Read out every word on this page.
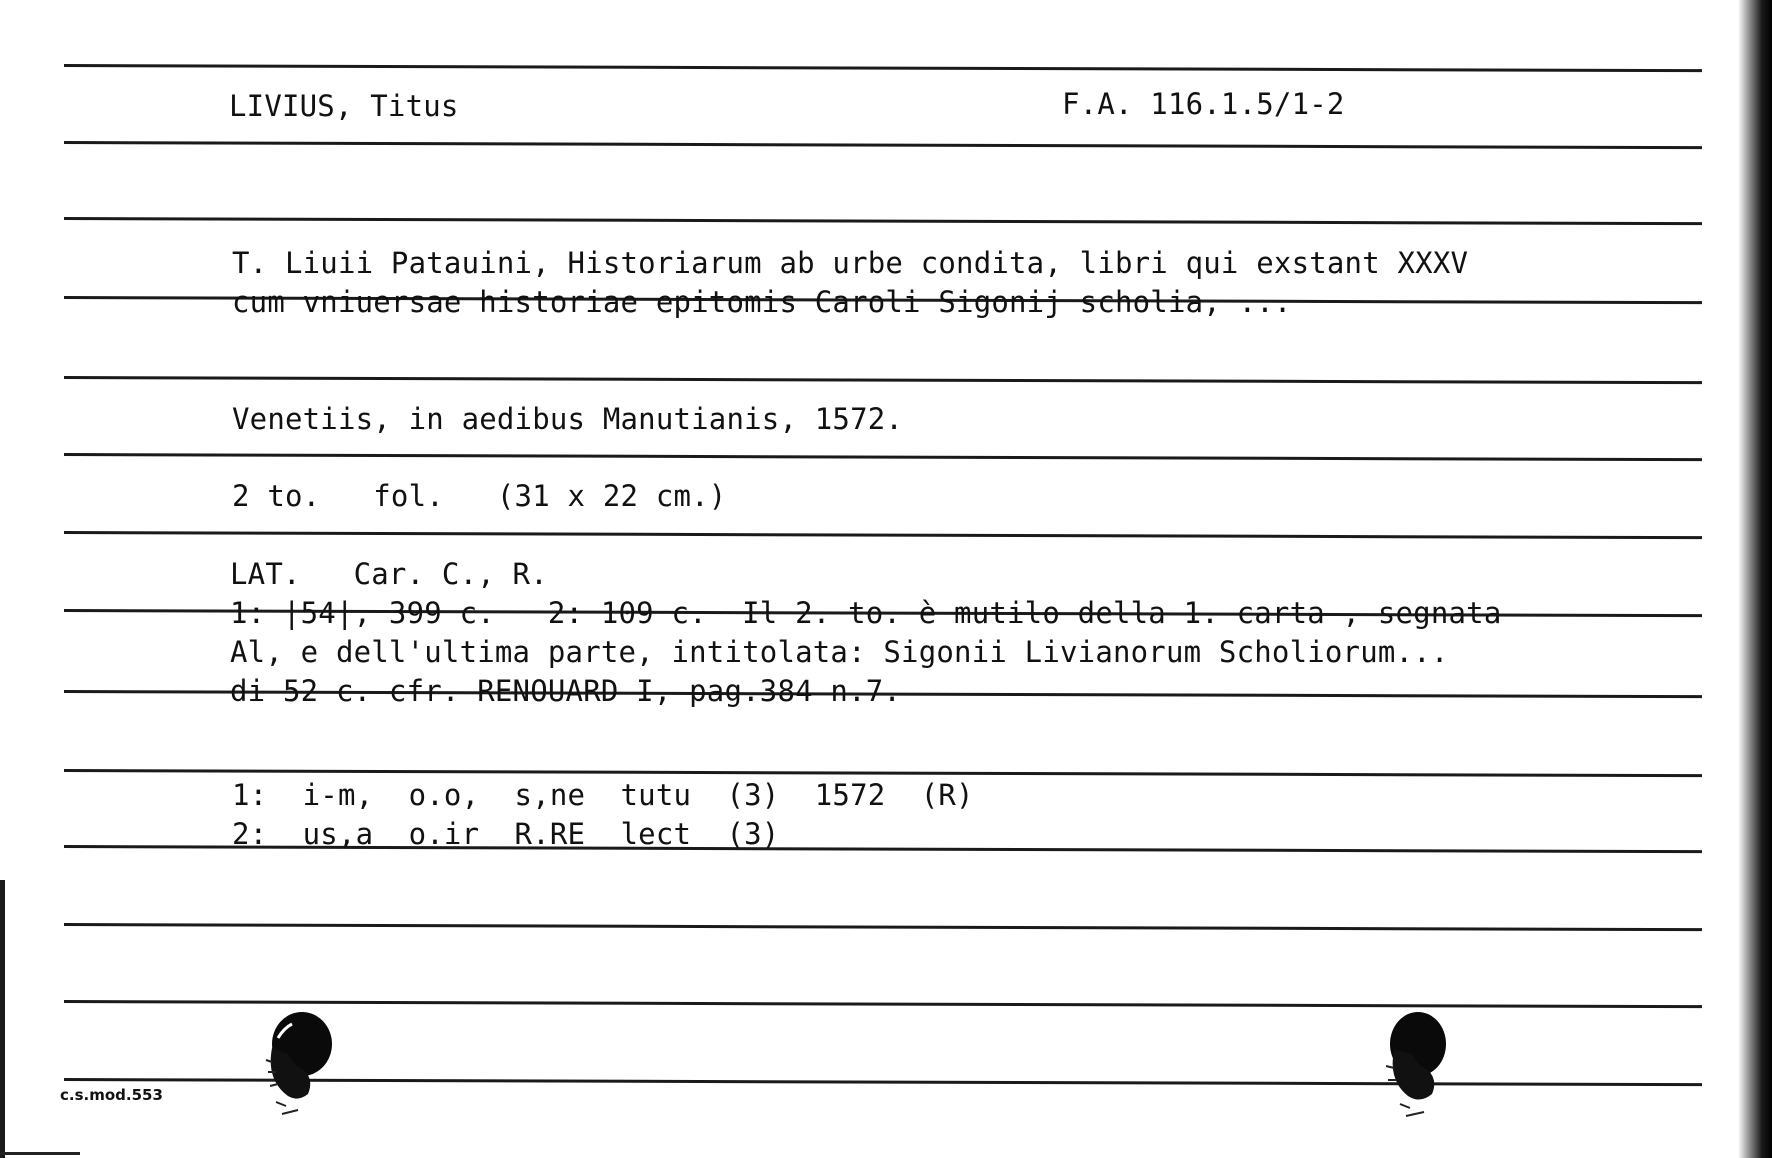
LIVIUS, Titus	F.A. 116.1.5/1-2
T. Liuii Patauini, Historiarum ab urbe condita, libri qui exstant XXXV
cum vniuersae historiae epitomis Caroli Sigonij scholia, ...
Venetiis, in aedibus Manutianis, 1572.
2 to.   fol.   (31 x 22 cm.)
LAT.   Car. C., R.
1: |54|, 399 c.   2: 109 c.  Il 2. to. è mutilo della 1. carta , segnata
Al, e dell'ultima parte, intitolata: Sigonii Livianorum Scholiorum...
di 52 c. cfr. RENOUARD I, pag.384 n.7.
1:  i-m,  o.o,  s,ne  tutu  (3)  1572  (R)
2:  us,a  o.ir  R.RE  lect  (3)
c.s.mod.553
